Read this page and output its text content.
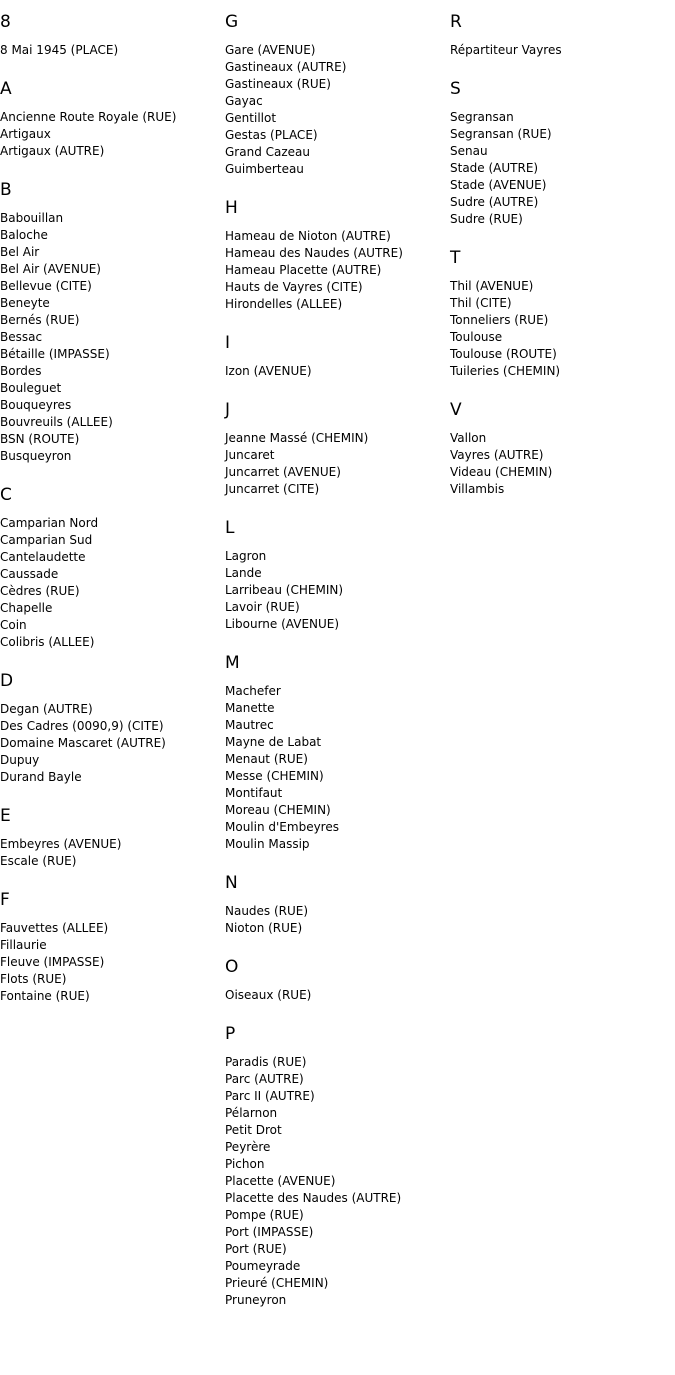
8
8 Mai 1945 (PLACE)
A
Ancienne Route Royale (RUE)
Artigaux
Artigaux (AUTRE)
B
Babouillan
Baloche
Bel Air
Bel Air (AVENUE)
Bellevue (CITE)
Beneyte
Bernés (RUE)
Bessac
Bétaille (IMPASSE)
Bordes
Bouleguet
Bouqueyres
Bouvreuils (ALLEE)
BSN (ROUTE)
Busqueyron
C
Camparian Nord
Camparian Sud
Cantelaudette
Caussade
Cèdres (RUE)
Chapelle
Coin
Colibris (ALLEE)
D
Degan (AUTRE)
Des Cadres (0090,9) (CITE)
Domaine Mascaret (AUTRE)
Dupuy
Durand Bayle
E
Embeyres (AVENUE)
Escale (RUE)
F
Fauvettes (ALLEE)
Fillaurie
Fleuve (IMPASSE)
Flots (RUE)
Fontaine (RUE)
G
Gare (AVENUE)
Gastineaux (AUTRE)
Gastineaux (RUE)
Gayac
Gentillot
Gestas (PLACE)
Grand Cazeau
Guimberteau
H
Hameau de Nioton (AUTRE)
Hameau des Naudes (AUTRE)
Hameau Placette (AUTRE)
Hauts de Vayres (CITE)
Hirondelles (ALLEE)
I
Izon (AVENUE)
J
Jeanne Massé (CHEMIN)
Juncaret
Juncarret (AVENUE)
Juncarret (CITE)
L
Lagron
Lande
Larribeau (CHEMIN)
Lavoir (RUE)
Libourne (AVENUE)
M
Machefer
Manette
Mautrec
Mayne de Labat
Menaut (RUE)
Messe (CHEMIN)
Montifaut
Moreau (CHEMIN)
Moulin d'Embeyres
Moulin Massip
N
Naudes (RUE)
Nioton (RUE)
O
Oiseaux (RUE)
P
Paradis (RUE)
Parc (AUTRE)
Parc II (AUTRE)
Pélarnon
Petit Drot
Peyrère
Pichon
Placette (AVENUE)
Placette des Naudes (AUTRE)
Pompe (RUE)
Port (IMPASSE)
Port (RUE)
Poumeyrade
Prieuré (CHEMIN)
Pruneyron
R
Répartiteur Vayres
S
Segransan
Segransan (RUE)
Senau
Stade (AUTRE)
Stade (AVENUE)
Sudre (AUTRE)
Sudre (RUE)
T
Thil (AVENUE)
Thil (CITE)
Tonneliers (RUE)
Toulouse
Toulouse (ROUTE)
Tuileries (CHEMIN)
V
Vallon
Vayres (AUTRE)
Videau (CHEMIN)
Villambis
